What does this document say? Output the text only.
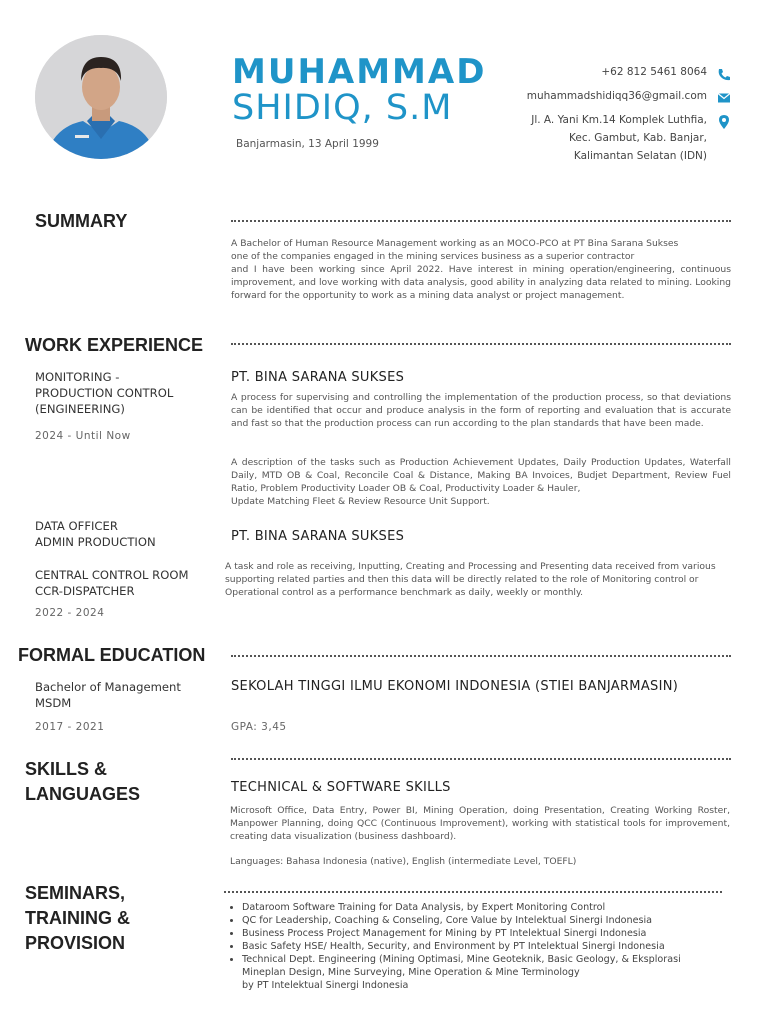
MUHAMMAD
SHIDIQ, S.M
Banjarmasin, 13 April 1999
+62 812 5461 8064
muhammadshidiqq36@gmail.com
Jl. A. Yani Km.14 Komplek Luthfia,
Kec. Gambut, Kab. Banjar,
Kalimantan Selatan (IDN)
SUMMARY
A Bachelor of Human Resource Management working as an MOCO-PCO at PT Bina Sarana Sukses
one of the companies engaged in the mining services business as a superior contractor
and I have been working since April 2022. Have interest in mining operation/engineering, continuous improvement, and love working with data analysis, good ability in analyzing data related to mining. Looking forward for the opportunity to work as a mining data analyst or project management.
WORK EXPERIENCE
MONITORING -
PRODUCTION CONTROL
(ENGINEERING)
2024 - Until Now
PT. BINA SARANA SUKSES
A process for supervising and controlling the implementation of the production process, so that deviations can be identified that occur and produce analysis in the form of reporting and evaluation that is accurate and fast so that the production process can run according to the plan standards that have been made.
A description of the tasks such as Production Achievement Updates, Daily Production Updates, Waterfall Daily, MTD OB & Coal, Reconcile Coal & Distance, Making BA Invoices, Budjet Department, Review Fuel Ratio, Problem Productivity Loader OB & Coal, Productivity Loader & Hauler,
Update Matching Fleet & Review Resource Unit Support.
DATA OFFICER
ADMIN PRODUCTION
CENTRAL CONTROL ROOM
CCR-DISPATCHER
2022 - 2024
PT. BINA SARANA SUKSES
A task and role as receiving, Inputting, Creating and Processing and Presenting data received from various supporting related parties and then this data will be directly related to the role of Monitoring control or Operational control as a performance benchmark as daily, weekly or monthly.
FORMAL EDUCATION
Bachelor of Management
MSDM
2017 - 2021
SEKOLAH TINGGI ILMU EKONOMI INDONESIA (STIEI BANJARMASIN)
GPA: 3,45
SKILLS &
LANGUAGES	TECHNICAL & SOFTWARE SKILLS
Microsoft Office, Data Entry, Power BI, Mining Operation, doing Presentation, Creating Working Roster, Manpower Planning, doing QCC (Continuous Improvement), working with statistical tools for improvement, creating data visualization (business dashboard).
Languages: Bahasa Indonesia (native), English (intermediate Level, TOEFL)
SEMINARS,
TRAINING &
PROVISION
• Dataroom Software Training for Data Analysis, by Expert Monitoring Control
• QC for Leadership, Coaching & Conseling, Core Value by Intelektual Sinergi Indonesia
• Business Process Project Management for Mining by PT Intelektual Sinergi Indonesia
• Basic Safety HSE/ Health, Security, and Environment by PT Intelektual Sinergi Indonesia
• Technical Dept. Engineering (Mining Optimasi, Mine Geoteknik, Basic Geology, & Eksplorasi
Mineplan Design, Mine Surveying, Mine Operation & Mine Terminology
by PT Intelektual Sinergi Indonesia
